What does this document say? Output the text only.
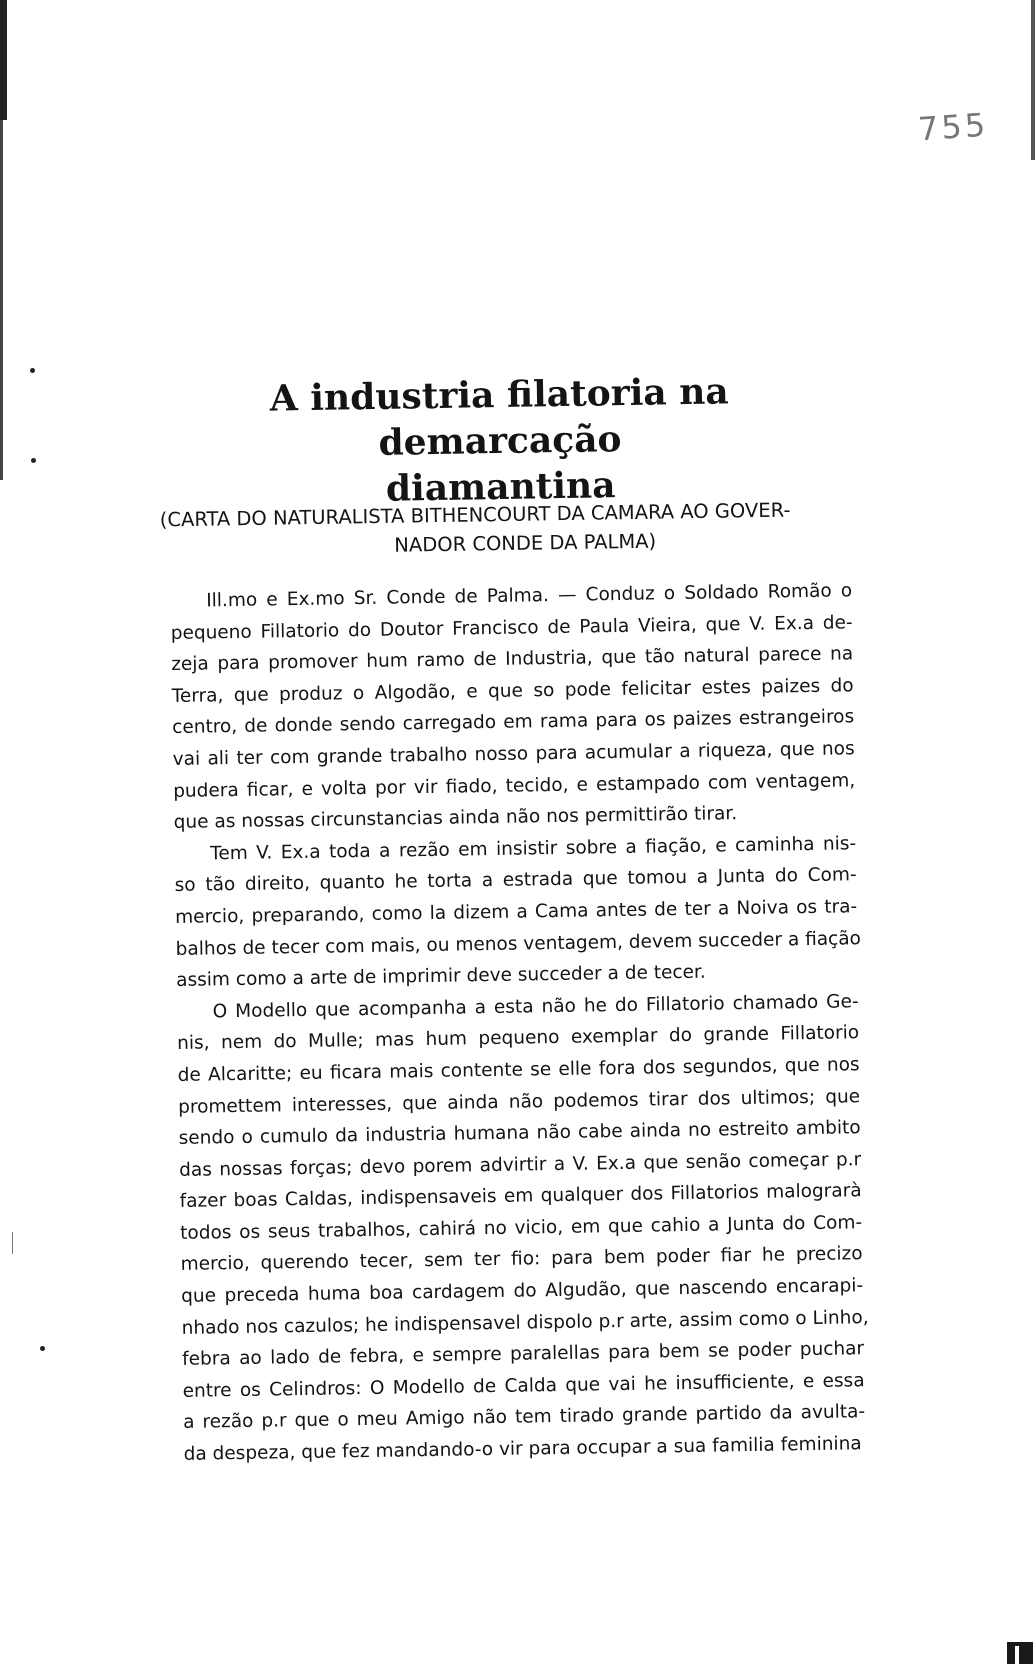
755
A industria filatoria na demarcação
diamantina

(CARTA DO NATURALISTA BITHENCOURT DA CAMARA AO GOVER-
NADOR CONDE DA PALMA)

Ill.mo e Ex.mo Sr. Conde de Palma. — Conduz o Soldado Romão o
pequeno Fillatorio do Doutor Francisco de Paula Vieira, que V. Ex.a de-
zeja para promover hum ramo de Industria, que tão natural parece na
Terra, que produz o Algodão, e que so pode felicitar estes paizes do
centro, de donde sendo carregado em rama para os paizes estrangeiros
vai ali ter com grande trabalho nosso para acumular a riqueza, que nos
pudera ficar, e volta por vir fiado, tecido, e estampado com ventagem,
que as nossas circunstancias ainda não nos permittirão tirar.

Tem V. Ex.a toda a rezão em insistir sobre a fiação, e caminha nis-
so tão direito, quanto he torta a estrada que tomou a Junta do Com-
mercio, preparando, como la dizem a Cama antes de ter a Noiva os tra-
balhos de tecer com mais, ou menos ventagem, devem succeder a fiação
assim como a arte de imprimir deve succeder a de tecer.

O Modello que acompanha a esta não he do Fillatorio chamado Ge-
nis, nem do Mulle; mas hum pequeno exemplar do grande Fillatorio
de Alcaritte; eu ficara mais contente se elle fora dos segundos, que nos
promettem interesses, que ainda não podemos tirar dos ultimos; que
sendo o cumulo da industria humana não cabe ainda no estreito ambito
das nossas forças; devo porem advirtir a V. Ex.a que senão começar p.r
fazer boas Caldas, indispensaveis em qualquer dos Fillatorios malograrà
todos os seus trabalhos, cahirá no vicio, em que cahio a Junta do Com-
mercio, querendo tecer, sem ter fio: para bem poder fiar he precizo
que preceda huma boa cardagem do Algudão, que nascendo encarapi-
nhado nos cazulos; he indispensavel dispolo p.r arte, assim como o Linho,
febra ao lado de febra, e sempre paralellas para bem se poder puchar
entre os Celindros: O Modello de Calda que vai he insufficiente, e essa
a rezão p.r que o meu Amigo não tem tirado grande partido da avulta-
da despeza, que fez mandando-o vir para occupar a sua familia feminina
